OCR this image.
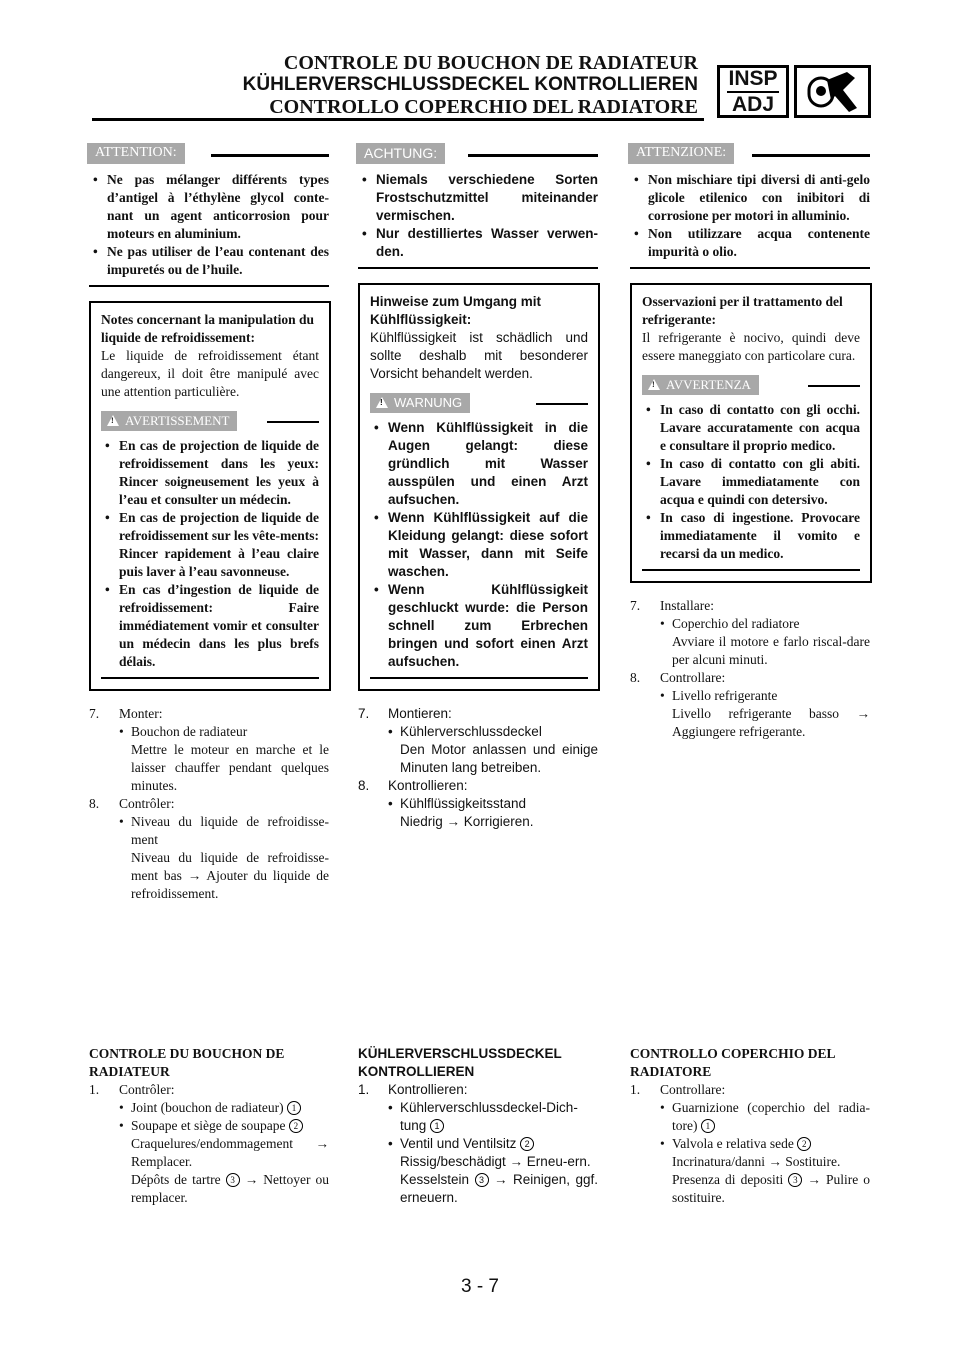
CONTROLE DU BOUCHON DE RADIATEUR
KÜHLERVERSCHLUSSDECKEL KONTROLLIEREN
CONTROLLO COPERCHIO DEL RADIATORE
INSP
ADJ
ATTENTION:
• Ne pas mélanger différents types d’antigel à l’éthylène glycol conte-nant un agent anticorrosion pour moteurs en aluminium.
• Ne pas utiliser de l’eau contenant des impuretés ou de l’huile.
Notes concernant la manipulation du liquide de refroidissement:
Le liquide de refroidissement étant dangereux, il doit être manipulé avec une attention particulière.
! AVERTISSEMENT
• En cas de projection de liquide de refroidissement dans les yeux: Rincer soigneusement les yeux à l’eau et consulter un médecin.
• En cas de projection de liquide de refroidissement sur les vête-ments: Rincer rapidement à l’eau claire puis laver à l’eau savonneuse.
• En cas d’ingestion de liquide de refroidissement: Faire immédiatement vomir et consulter un médecin dans les plus brefs délais.
7. Monter:
• Bouchon de radiateur
Mettre le moteur en marche et le laisser chauffer pendant quelques minutes.
8. Contrôler:
• Niveau du liquide de refroidisse-ment
Niveau du liquide de refroidisse-ment bas → Ajouter du liquide de refroidissement.
ACHTUNG:
• Niemals verschiedene Sorten Frostschutzmittel miteinander vermischen.
• Nur destilliertes Wasser verwen-den.
Hinweise zum Umgang mit Kühlflüssigkeit:
Kühlflüssigkeit ist schädlich und sollte deshalb mit besonderer Vorsicht behandelt werden.
! WARNUNG
• Wenn Kühlflüssigkeit in die Augen gelangt: diese gründlich mit Wasser ausspülen und einen Arzt aufsuchen.
• Wenn Kühlflüssigkeit auf die Kleidung gelangt: diese sofort mit Wasser, dann mit Seife waschen.
• Wenn Kühlflüssigkeit geschluckt wurde: die Person schnell zum Erbrechen bringen und sofort einen Arzt aufsuchen.
7. Montieren:
• Kühlerverschlussdeckel
Den Motor anlassen und einige Minuten lang betreiben.
8. Kontrollieren:
• Kühlflüssigkeitsstand
Niedrig → Korrigieren.
ATTENZIONE:
• Non mischiare tipi diversi di anti-gelo glicole etilenico con inibitori di corrosione per motori in alluminio.
• Non utilizzare acqua contenente impurità o olio.
Osservazioni per il trattamento del refrigerante:
Il refrigerante è nocivo, quindi deve essere maneggiato con particolare cura.
! AVVERTENZA
• In caso di contatto con gli occhi. Lavare accuratamente con acqua e consultare il proprio medico.
• In caso di contatto con gli abiti. Lavare immediatamente con acqua e quindi con detersivo.
• In caso di ingestione. Provocare immediatamente il vomito e recarsi da un medico.
7. Installare:
• Coperchio del radiatore
Avviare il motore e farlo riscal-dare per alcuni minuti.
8. Controllare:
• Livello refrigerante
Livello refrigerante basso → Aggiungere refrigerante.
CONTROLE DU BOUCHON DE RADIATEUR
1. Contrôler:
• Joint (bouchon de radiateur) 1
• Soupape et siège de soupape 2
Craquelures/endommagement → Remplacer.
Dépôts de tartre 3 → Nettoyer ou remplacer.
KÜHLERVERSCHLUSSDECKEL KONTROLLIEREN
1. Kontrollieren:
• Kühlerverschlussdeckel-Dich-tung 1
• Ventil und Ventilsitz 2
Rissig/beschädigt → Erneu-ern.
Kesselstein 3 → Reinigen, ggf. erneuern.
CONTROLLO COPERCHIO DEL RADIATORE
1. Controllare:
• Guarnizione (coperchio del radia-tore) 1
• Valvola e relativa sede 2
Incrinatura/danni → Sostituire.
Presenza di depositi 3 → Pulire o sostituire.
3 - 7
